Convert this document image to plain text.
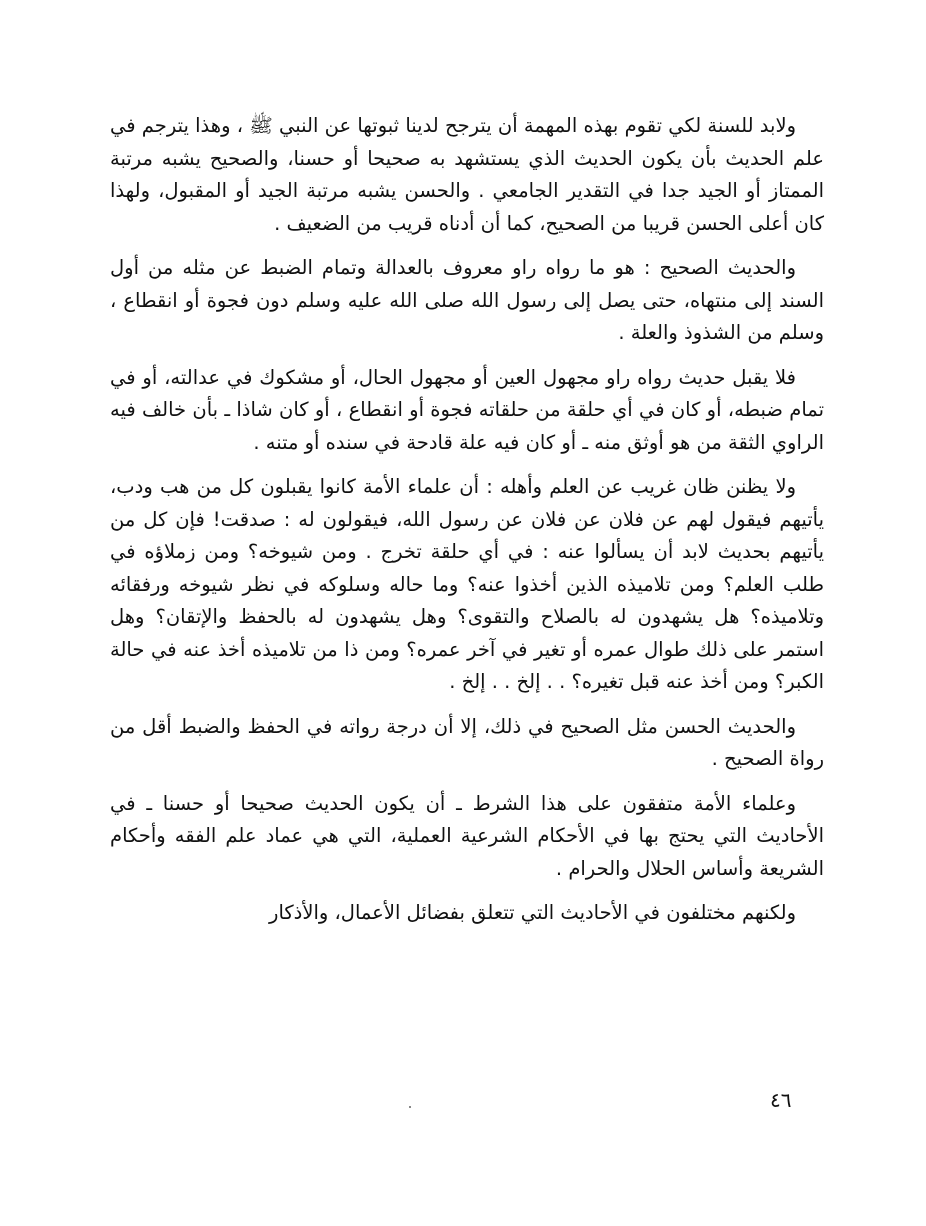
ولابد للسنة لكي تقوم بهذه المهمة أن يترجح لدينا ثبوتها عن النبي ﷺ ، وهذا يترجم في علم الحديث بأن يكون الحديث الذي يستشهد به صحيحا أو حسنا، والصحيح يشبه مرتبة الممتاز أو الجيد جدا في التقدير الجامعي . والحسن يشبه مرتبة الجيد أو المقبول، ولهذا كان أعلى الحسن قريبا من الصحيح، كما أن أدناه قريب من الضعيف .

والحديث الصحيح : هو ما رواه راو معروف بالعدالة وتمام الضبط عن مثله من أول السند إلى منتهاه، حتى يصل إلى رسول الله صلى الله عليه وسلم دون فجوة أو انقطاع ، وسلم من الشذوذ والعلة .

فلا يقبل حديث رواه راو مجهول العين أو مجهول الحال، أو مشكوك في عدالته، أو في تمام ضبطه، أو كان في أي حلقة من حلقاته فجوة أو انقطاع ، أو كان شاذا ـ بأن خالف فيه الراوي الثقة من هو أوثق منه ـ أو كان فيه علة قادحة في سنده أو متنه .

ولا يظنن ظان غريب عن العلم وأهله : أن علماء الأمة كانوا يقبلون كل من هب ودب، يأتيهم فيقول لهم عن فلان عن فلان عن رسول الله، فيقولون له : صدقت! فإن كل من يأتيهم بحديث لابد أن يسألوا عنه : في أي حلقة تخرج . ومن شيوخه؟ ومن زملاؤه في طلب العلم؟ ومن تلاميذه الذين أخذوا عنه؟ وما حاله وسلوكه في نظر شيوخه ورفقائه وتلاميذه؟ هل يشهدون له بالصلاح والتقوى؟ وهل يشهدون له بالحفظ والإتقان؟ وهل استمر على ذلك طوال عمره أو تغير في آخر عمره؟ ومن ذا من تلاميذه أخذ عنه في حالة الكبر؟ ومن أخذ عنه قبل تغيره؟ . . إلخ . . إلخ .

والحديث الحسن مثل الصحيح في ذلك، إلا أن درجة رواته في الحفظ والضبط أقل من رواة الصحيح .

وعلماء الأمة متفقون على هذا الشرط ـ أن يكون الحديث صحيحا أو حسنا ـ في الأحاديث التي يحتج بها في الأحكام الشرعية العملية، التي هي عماد علم الفقه وأحكام الشريعة وأساس الحلال والحرام .

ولكنهم مختلفون في الأحاديث التي تتعلق بفضائل الأعمال، والأذكار

٤٦
